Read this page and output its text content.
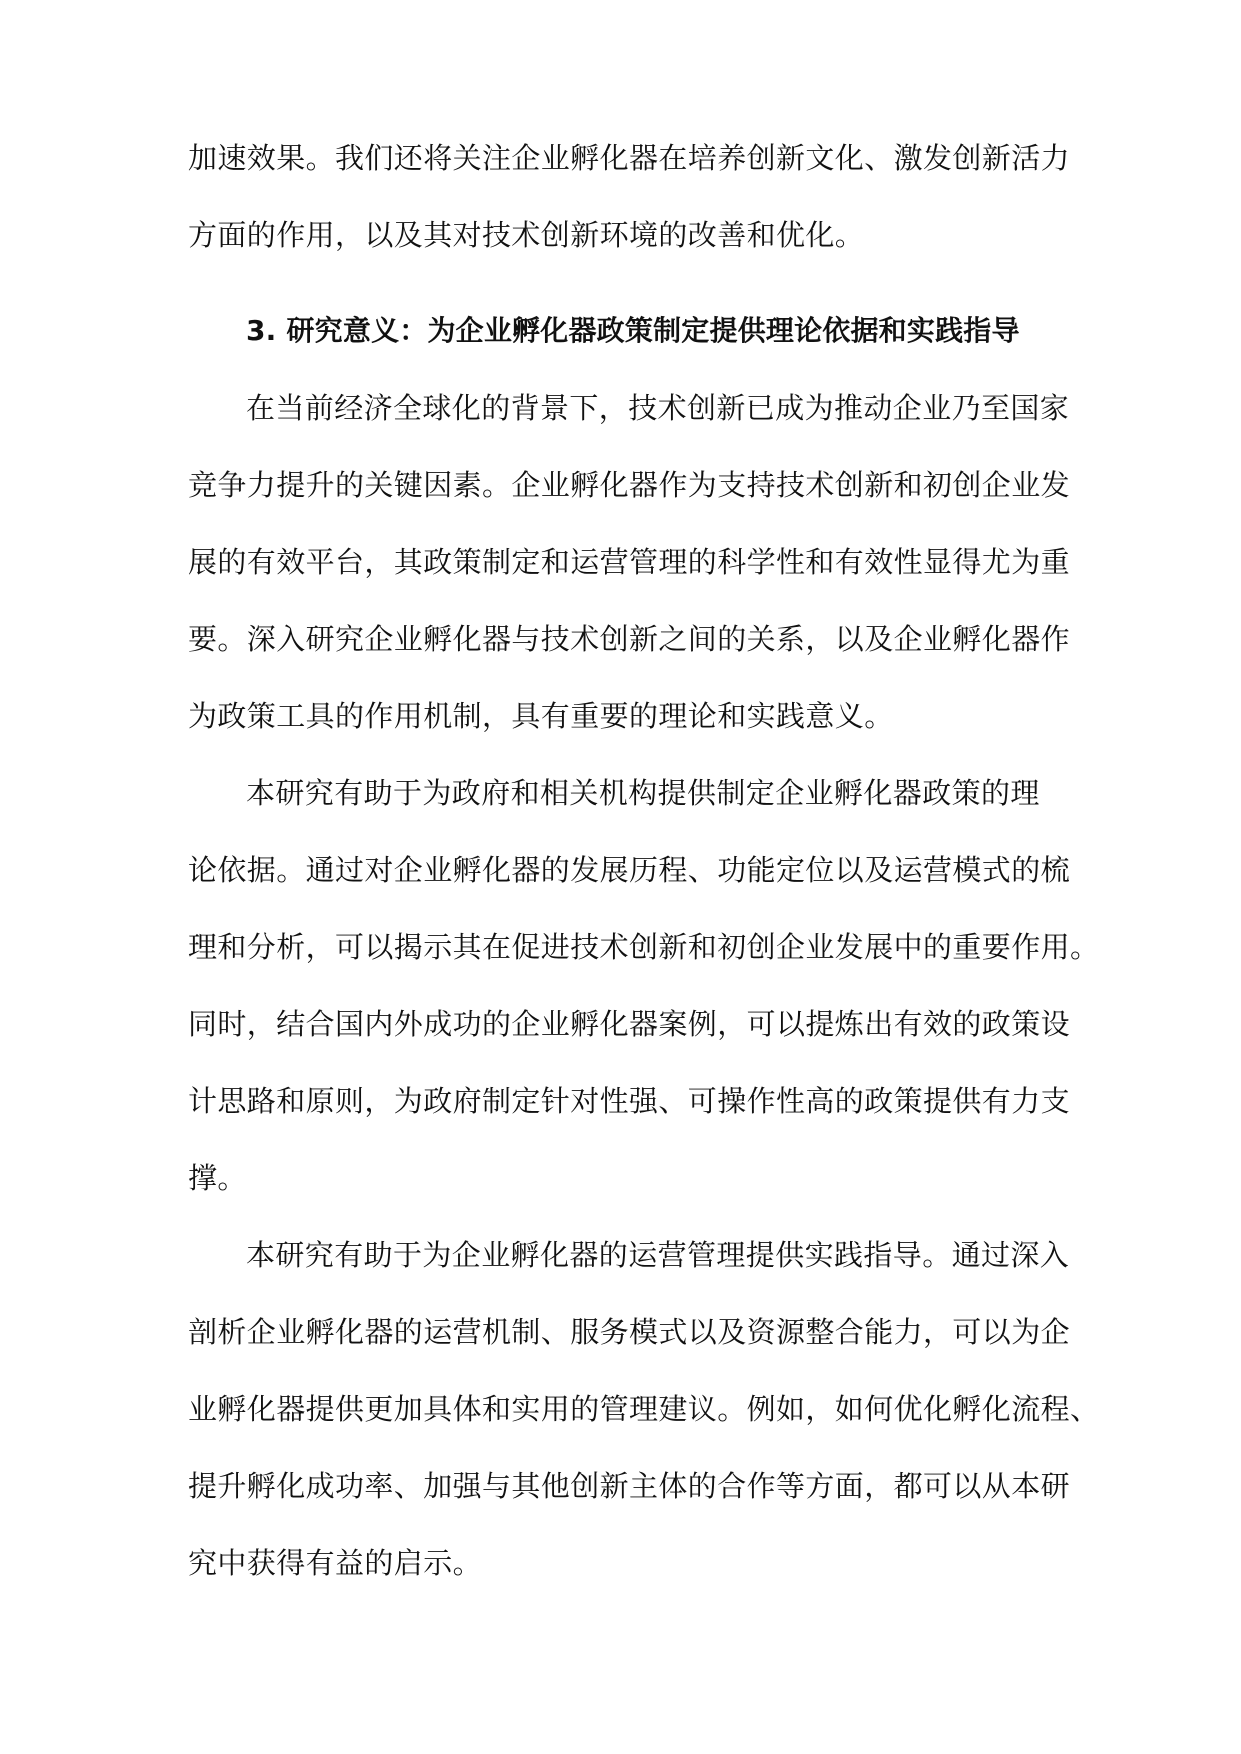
加速效果。我们还将关注企业孵化器在培养创新文化、激发创新活力
方面的作用，以及其对技术创新环境的改善和优化。
3. 研究意义：为企业孵化器政策制定提供理论依据和实践指导
在当前经济全球化的背景下，技术创新已成为推动企业乃至国家
竞争力提升的关键因素。企业孵化器作为支持技术创新和初创企业发
展的有效平台，其政策制定和运营管理的科学性和有效性显得尤为重
要。深入研究企业孵化器与技术创新之间的关系，以及企业孵化器作
为政策工具的作用机制，具有重要的理论和实践意义。
本研究有助于为政府和相关机构提供制定企业孵化器政策的理
论依据。通过对企业孵化器的发展历程、功能定位以及运营模式的梳
理和分析，可以揭示其在促进技术创新和初创企业发展中的重要作用。
同时，结合国内外成功的企业孵化器案例，可以提炼出有效的政策设
计思路和原则，为政府制定针对性强、可操作性高的政策提供有力支
撑。
本研究有助于为企业孵化器的运营管理提供实践指导。通过深入
剖析企业孵化器的运营机制、服务模式以及资源整合能力，可以为企
业孵化器提供更加具体和实用的管理建议。例如，如何优化孵化流程、
提升孵化成功率、加强与其他创新主体的合作等方面，都可以从本研
究中获得有益的启示。
